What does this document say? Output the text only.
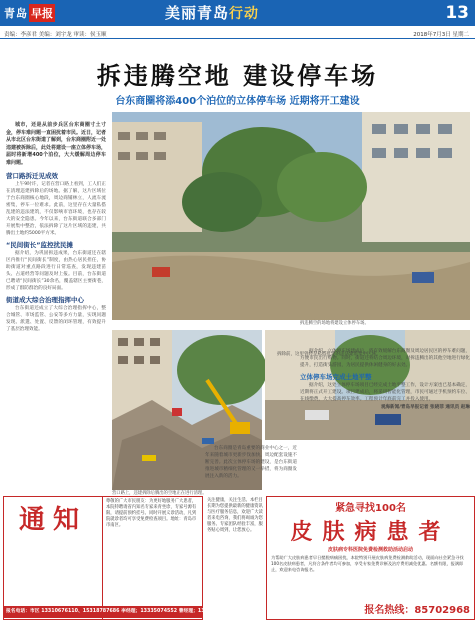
青岛 早报	美丽青岛行动	13
责编：李彦君 美编：刘宇龙 审读：侯玉顺	2018年7月3日 星期二
拆违腾空地 建设停车场
台东商圈将添400个泊位的立体停车场 近期将开工建设

城市，还是从前步兵区台东商圈寸土寸金，停车难问题一直困扰着市民。近日，记者从市北区台东街道了解到，台东商圈附近一处违建被拆除后，此处将建设一座立体停车场，届时将新增400个泊位，大大缓解周边停车难问题。

营口路拆迁见成效

上午9时许，记者在营口路上看到，工人们正在清理违建拆除后的场地。据了解，这片区域位于台东商圈核心地段，周边商铺林立，人流车流密集，停车一位难求。此前，这里存在大量私搭乱建的违法建筑，不仅影响市容环境，也存在较大的安全隐患。今年以来，台东街道联合多部门开展集中整治，依法拆除了这片区域的违建，共腾出土地约5000平方米。

“民间街长”监控扰民摊

据介绍，为巩固拆违成果，台东街道还在辖区内推行“民间街长”制度，由热心居民担任，协助街道对重点路段进行日常巡查，发现违建苗头、占道经营等问题及时上报。目前，台东街道已聘请“民间街长”30余名，覆盖辖区主要街巷，形成了群防群治的良好局面。

街道成大综合治理指挥中心

台东街道还成立了大综合治理指挥中心，整合城管、市场监管、公安等多方力量，实现问题发现、派遣、处置、反馈的闭环管理，有效提升了基层治理效能。

拆违腾空的场地将建设立体停车场。
营口路上，违建拆除后腾出的空地正在进行清理。

拆除前，这里曾经是私搭乱建的违法建筑集中区域。

据介绍，立体停车场建成后，将有效缓解台东商圈及周边居民区的停车难问题，方便市民出行购物。同时，街道还将结合周边环境，对拆违腾出的其他空地进行绿化提升，打造街头游园，为居民提供休闲健身的好去处。

立体停车场完成土地平整

据介绍，这处立体停车场项目已经完成土地平整工作，设计方案也已基本确定，近期将正式开工建设。项目建成后，将采用智能化管理，市民可通过手机预约车位、在线缴费，大大提高停车效率。工程预计年底前完工并投入使用。

观海新闻/青岛早报记者 张晓菲 通讯员 赵琳

台东商圈是青岛重要的商业中心之一，近年来随着城市更新步伐加快，周边配套设施不断完善。此次立体停车场的建设，是台东街道推进城市精细化管理的又一举措，将为商圈发展注入新的活力。

通知
尊敬的广大市民朋友：为更好地服务广大患者，本院特聘请省内知名专家来青坐诊，专家号源有限，请提前预约挂号。同时开展义诊活动，凡到院就诊者均可享受免费检查项目。地址：青岛市市南区。
报名电话：市区 13310676110、15318787686 李经理；13335074552 曹经理；13867865565
关注健康，关注生活。本栏目长期为您提供最新的健康资讯与医疗服务信息，欢迎广大读者来电咨询，我们将竭诚为您服务。专家团队经验丰富，服务贴心周到，让您放心。
紧急寻找100名
皮肤病患者
皮肤病专科医院免费检测救助活动启动
为帮助广大皮肤病患者早日摆脱病痛困扰，本院特别开展皮肤病免费检测救助活动，现面向社会紧急寻找100名皮肤病患者，凡符合条件者均可参加，享受专家免费诊断及治疗费用减免优惠。名额有限，报满即止，欢迎来电咨询报名。
报名热线：85702968
